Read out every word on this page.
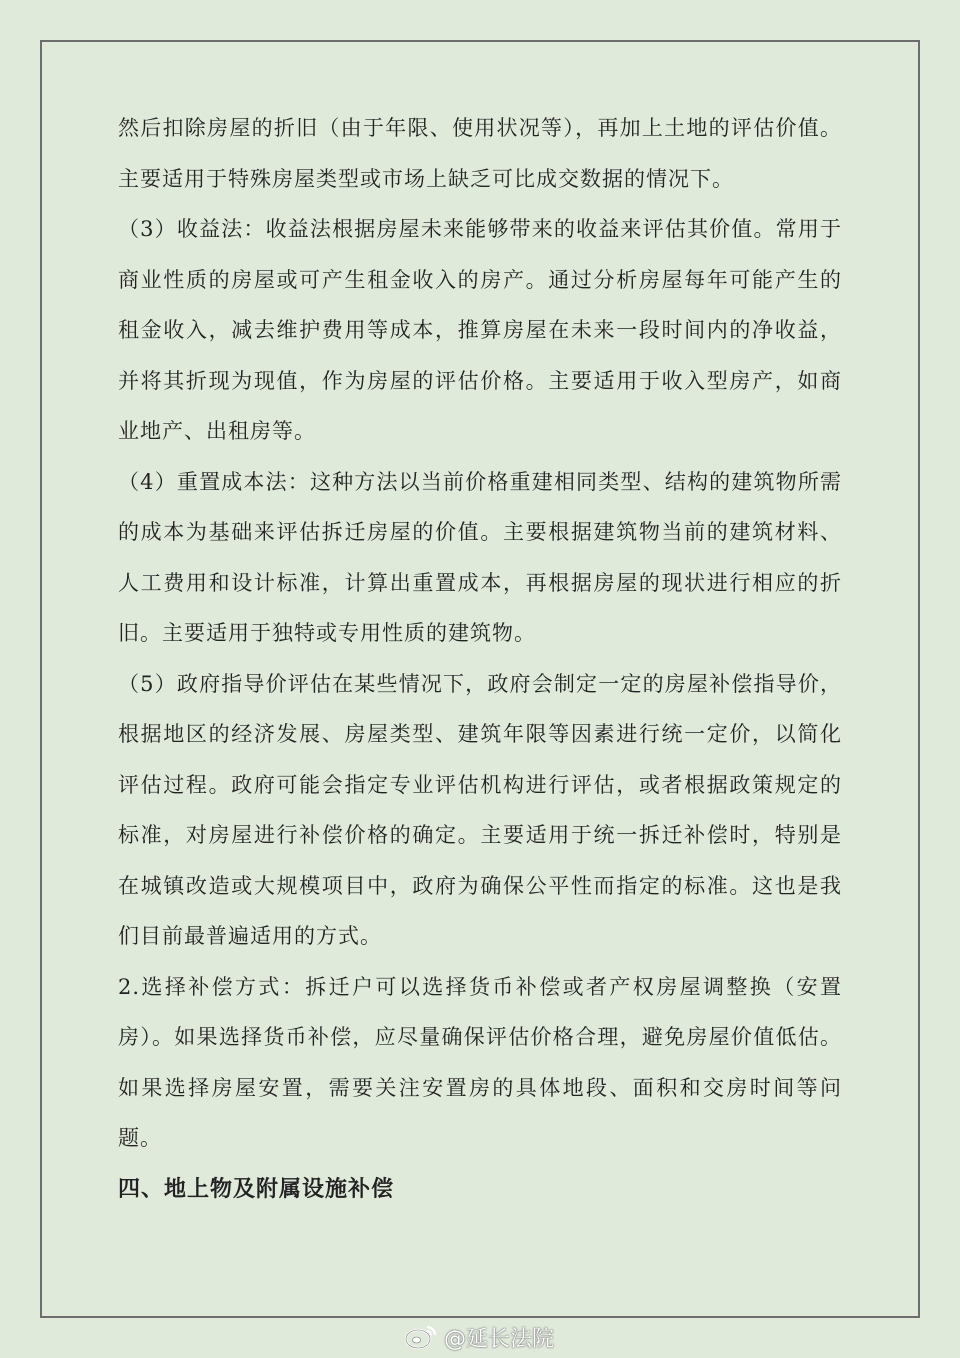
然后扣除房屋的折旧（由于年限、使用状况等），再加上土地的评估价值。主要适用于特殊房屋类型或市场上缺乏可比成交数据的情况下。

（3）收益法：收益法根据房屋未来能够带来的收益来评估其价值。常用于商业性质的房屋或可产生租金收入的房产。通过分析房屋每年可能产生的租金收入，减去维护费用等成本，推算房屋在未来一段时间内的净收益，并将其折现为现值，作为房屋的评估价格。主要适用于收入型房产，如商业地产、出租房等。

（4）重置成本法：这种方法以当前价格重建相同类型、结构的建筑物所需的成本为基础来评估拆迁房屋的价值。主要根据建筑物当前的建筑材料、人工费用和设计标准，计算出重置成本，再根据房屋的现状进行相应的折旧。主要适用于独特或专用性质的建筑物。

（5）政府指导价评估在某些情况下，政府会制定一定的房屋补偿指导价，根据地区的经济发展、房屋类型、建筑年限等因素进行统一定价，以简化评估过程。政府可能会指定专业评估机构进行评估，或者根据政策规定的标准，对房屋进行补偿价格的确定。主要适用于统一拆迁补偿时，特别是在城镇改造或大规模项目中，政府为确保公平性而指定的标准。这也是我们目前最普遍适用的方式。

2.选择补偿方式：拆迁户可以选择货币补偿或者产权房屋调整换（安置房）。如果选择货币补偿，应尽量确保评估价格合理，避免房屋价值低估。如果选择房屋安置，需要关注安置房的具体地段、面积和交房时间等问题。

四、地上物及附属设施补偿
@延长法院
